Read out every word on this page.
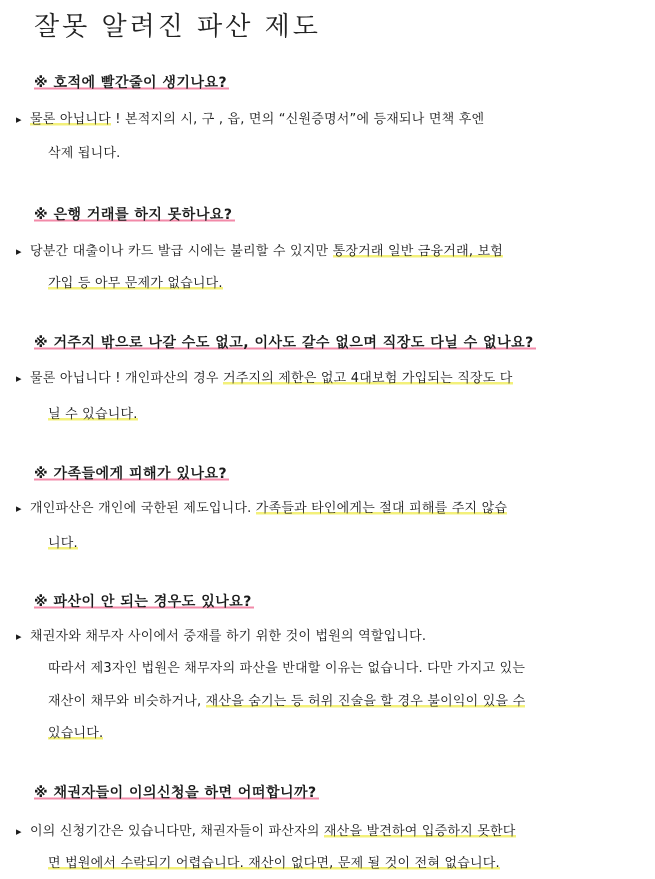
잘못 알려진 파산 제도
※ 호적에 빨간줄이 생기나요?
▸ 물론 아닙니다 ! 본적지의 시, 구 , 읍, 면의 “신원증명서”에 등재되나 면책 후엔
삭제 됩니다.
※ 은행 거래를 하지 못하나요?
▸ 당분간 대출이나 카드 발급 시에는 불리할 수 있지만 통장거래 일반 금융거래, 보험
가입 등 아무 문제가 없습니다.
※ 거주지 밖으로 나갈 수도 없고, 이사도 갈수 없으며 직장도 다닐 수 없나요?
▸ 물론 아닙니다 ! 개인파산의 경우 거주지의 제한은 없고 4대보험 가입되는 직장도 다
닐 수 있습니다.
※ 가족들에게 피해가 있나요?
▸ 개인파산은 개인에 국한된 제도입니다. 가족들과 타인에게는 절대 피해를 주지 않습
니다.
※ 파산이 안 되는 경우도 있나요?
▸ 채권자와 채무자 사이에서 중재를 하기 위한 것이 법원의 역할입니다.
따라서 제3자인 법원은 채무자의 파산을 반대할 이유는 없습니다. 다만 가지고 있는
재산이 채무와 비슷하거나, 재산을 숨기는 등 허위 진술을 할 경우 불이익이 있을 수
있습니다.
※ 채권자들이 이의신청을 하면 어떠합니까?
▸ 이의 신청기간은 있습니다만, 채권자들이 파산자의 재산을 발견하여 입증하지 못한다
면 법원에서 수락되기 어렵습니다. 재산이 없다면, 문제 될 것이 전혀 없습니다.
